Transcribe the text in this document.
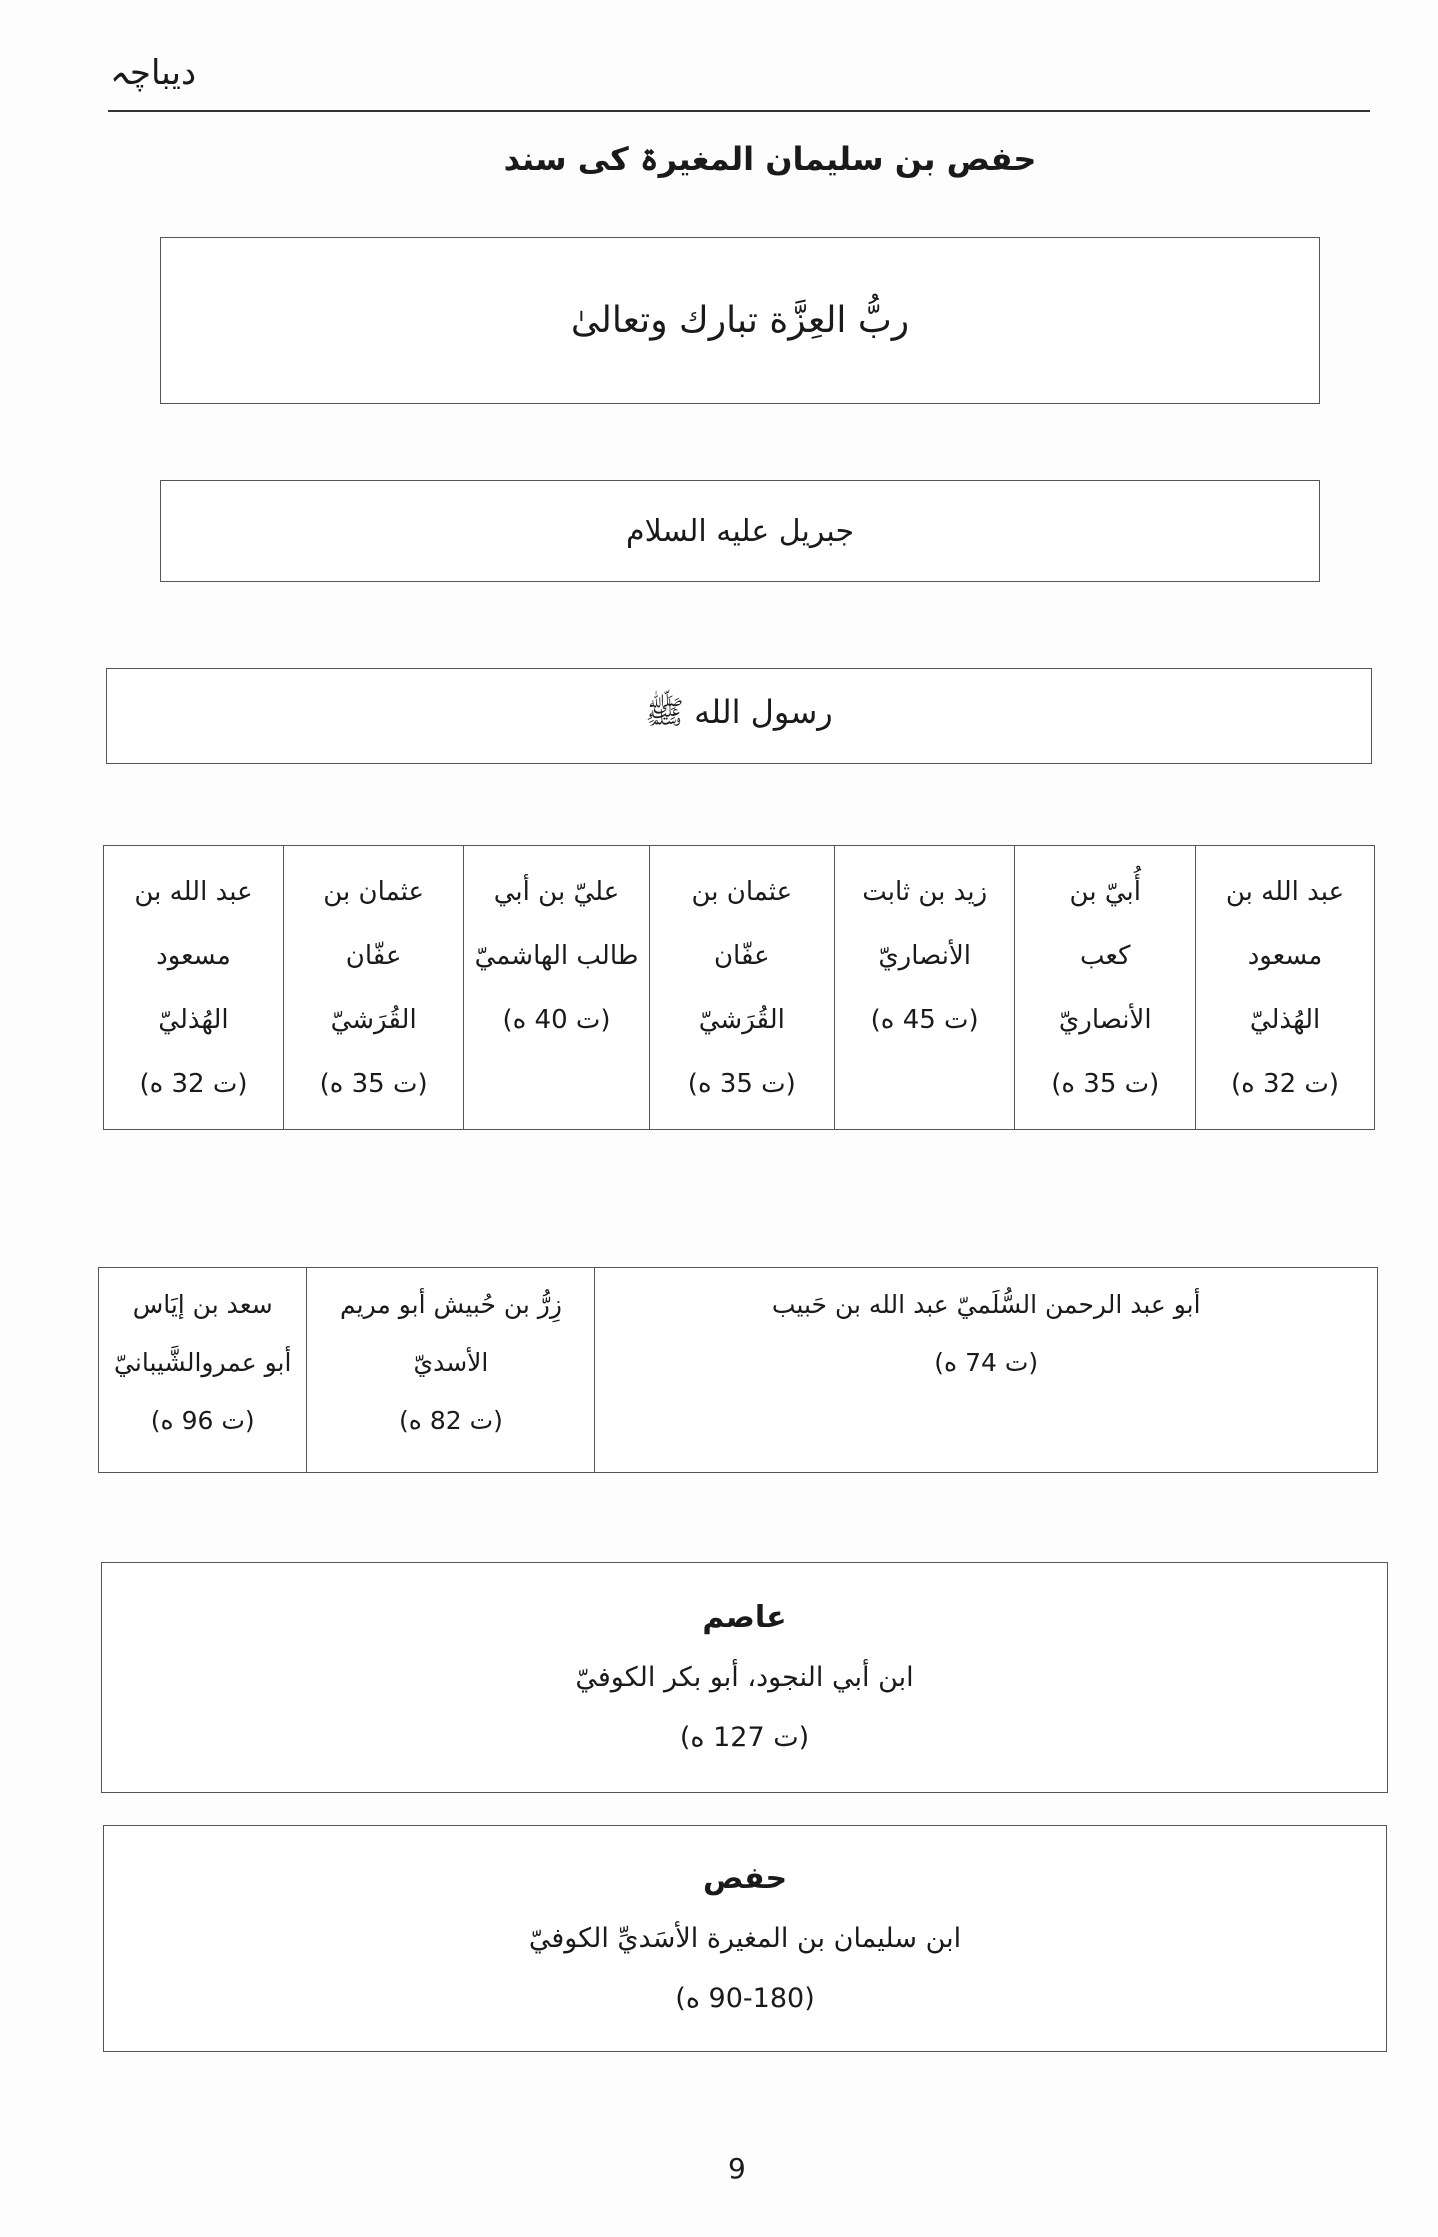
دیباچہ
حفص بن سلیمان المغیرۃ کی سند
ربُّ العِزَّة تبارك وتعالىٰ
جبريل عليه السلام
رسول الله ﷺ
عبد الله بن
مسعود
الهُذليّ
(ت 32 ه)

أُبيّ بن
كعب
الأنصاريّ
(ت 35 ه)

زيد بن ثابت
الأنصاريّ
(ت 45 ه)

عثمان بن
عفّان
القُرَشيّ
(ت 35 ه)

عليّ بن أبي
طالب الهاشميّ
(ت 40 ه)

عثمان بن
عفّان
القُرَشيّ
(ت 35 ه)

عبد الله بن
مسعود
الهُذليّ
(ت 32 ه)
أبو عبد الرحمن السُّلَميّ عبد الله بن حَبيب
(ت 74 ه)

زِرُّ بن حُبيش أبو مريم
الأسديّ
(ت 82 ه)

سعد بن إيَاس
أبو عمروالشَّيبانيّ
(ت 96 ه)
عاصم
ابن أبي النجود، أبو بكر الكوفيّ
(ت 127 ه)
حفص
ابن سليمان بن المغيرة الأسَديِّ الكوفيّ
(90-180 ه)
9
